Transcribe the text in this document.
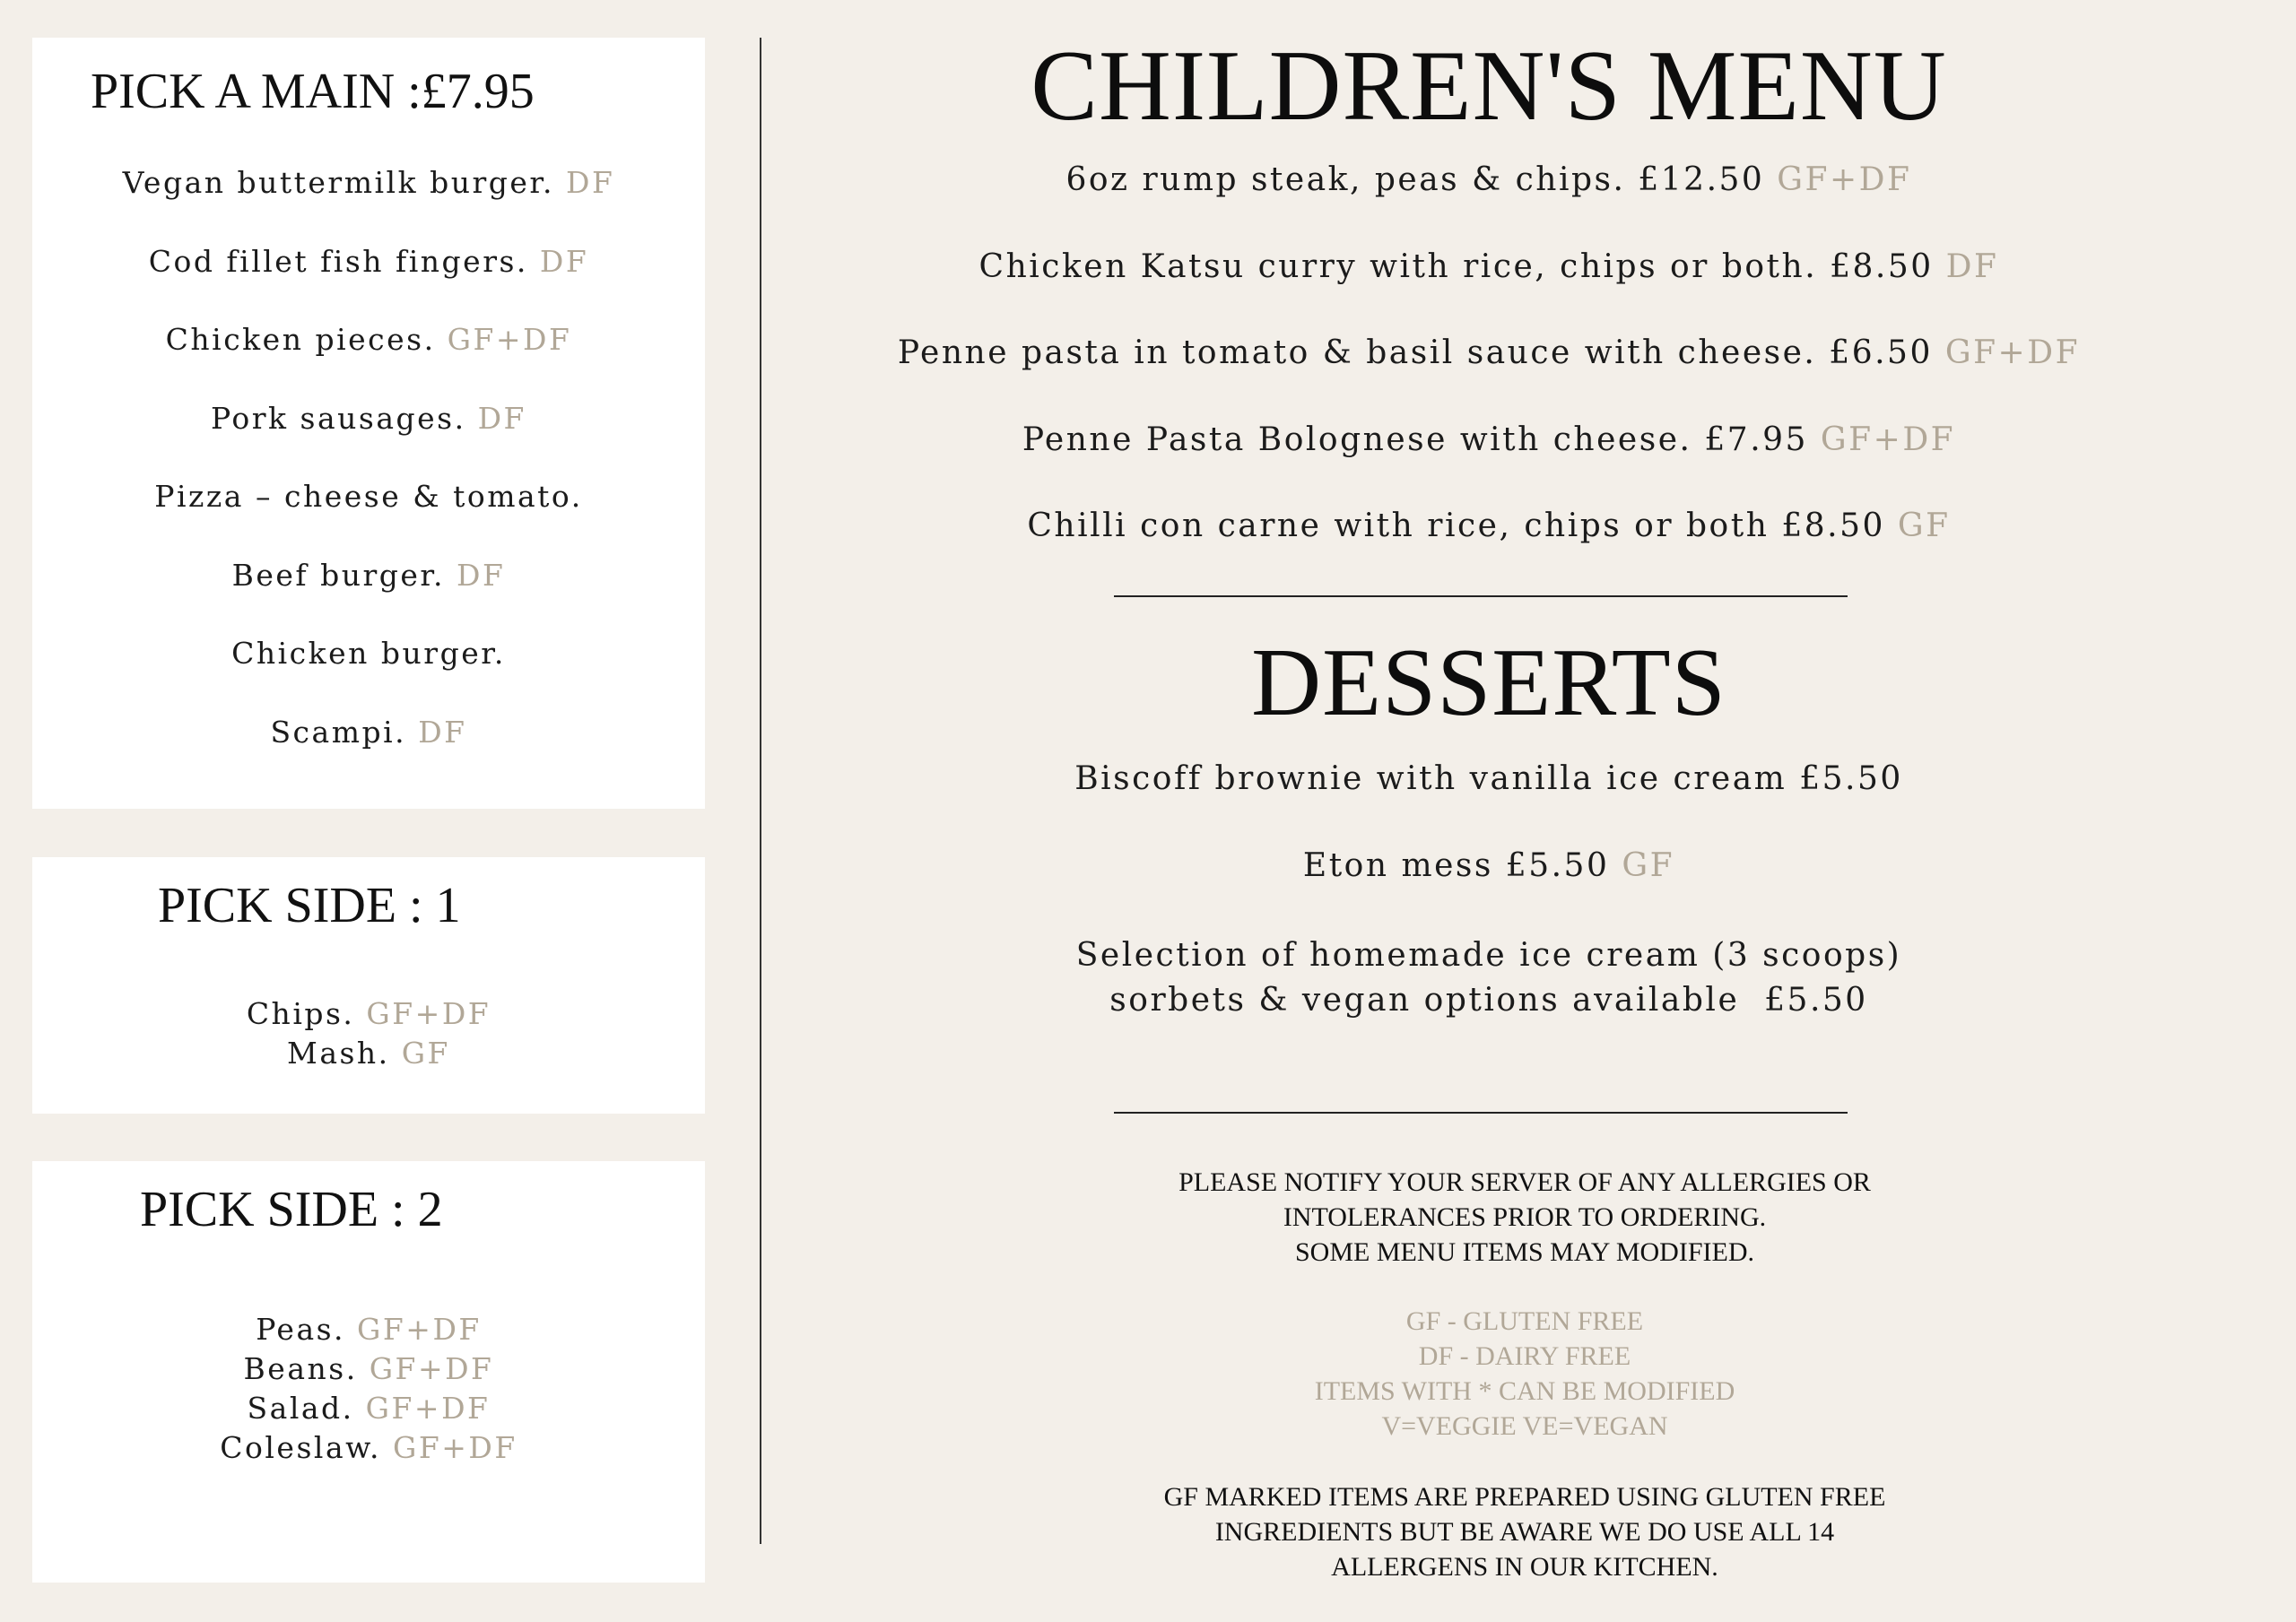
PICK A MAIN :£7.95
Vegan buttermilk burger. DF
Cod fillet fish fingers. DF
Chicken pieces. GF+DF
Pork sausages. DF
Pizza – cheese & tomato.
Beef burger. DF
Chicken burger.
Scampi. DF
PICK SIDE : 1
Chips. GF+DF
Mash. GF
PICK SIDE : 2
Peas. GF+DF
Beans. GF+DF
Salad. GF+DF
Coleslaw. GF+DF
CHILDREN'S MENU
6oz rump steak, peas & chips. £12.50 GF+DF
Chicken Katsu curry with rice, chips or both. £8.50 DF
Penne pasta in tomato & basil sauce with cheese. £6.50 GF+DF
Penne Pasta Bolognese with cheese. £7.95 GF+DF
Chilli con carne with rice, chips or both £8.50 GF
DESSERTS
Biscoff brownie with vanilla ice cream £5.50
Eton mess £5.50 GF
Selection of homemade ice cream (3 scoops)
sorbets & vegan options available  £5.50
PLEASE NOTIFY YOUR SERVER OF ANY ALLERGIES OR
INTOLERANCES PRIOR TO ORDERING.
SOME MENU ITEMS MAY MODIFIED.
GF - GLUTEN FREE
DF - DAIRY FREE
ITEMS WITH * CAN BE MODIFIED
V=VEGGIE VE=VEGAN
GF MARKED ITEMS ARE PREPARED USING GLUTEN FREE
INGREDIENTS BUT BE AWARE WE DO USE ALL 14
ALLERGENS IN OUR KITCHEN.
